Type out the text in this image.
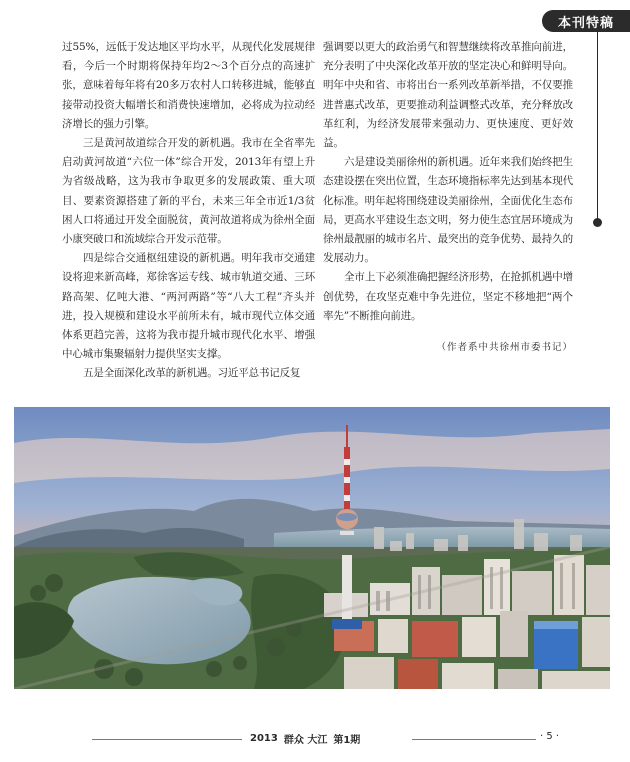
本刊特稿

过55%，远低于发达地区平均水平，从现代化发展规律看，今后一个时期将保持年均2～3个百分点的高速扩张，意味着每年将有20多万农村人口转移进城，能够直接带动投资大幅增长和消费快速增加，必将成为拉动经济增长的强力引擎。

三是黄河故道综合开发的新机遇。我市在全省率先启动黄河故道“六位一体”综合开发，2013年有望上升为省级战略，这为我市争取更多的发展政策、重大项目、要素资源搭建了新的平台，未来三年全市近1/3贫困人口将通过开发全面脱贫，黄河故道将成为徐州全面小康突破口和流域综合开发示范带。

四是综合交通枢纽建设的新机遇。明年我市交通建设将迎来新高峰，郑徐客运专线、城市轨道交通、三环路高架、亿吨大港、“两河两路”等“八大工程”齐头并进，投入规模和建设水平前所未有，城市现代立体交通体系更趋完善，这将为我市提升城市现代化水平、增强中心城市集聚辐射力提供坚实支撑。

五是全面深化改革的新机遇。习近平总书记反复

强调要以更大的政治勇气和智慧继续将改革推向前进，充分表明了中央深化改革开放的坚定决心和鲜明导向。明年中央和省、市将出台一系列改革新举措，不仅要推进普惠式改革，更要推动利益调整式改革，充分释放改革红利，为经济发展带来强动力、更快速度、更好效益。

六是建设美丽徐州的新机遇。近年来我们始终把生态建设摆在突出位置，生态环境指标率先达到基本现代化标准。明年起将围绕建设美丽徐州，全面优化生态布局，更高水平建设生态文明，努力使生态宜居环境成为徐州最靓丽的城市名片、最突出的竞争优势、最持久的发展动力。

全市上下必须准确把握经济形势，在抢抓机遇中增创优势，在攻坚克难中争先进位，坚定不移地把“两个率先”不断推向前进。

（作者系中共徐州市委书记）

2013 群众 大江 第1期	· 5 ·
